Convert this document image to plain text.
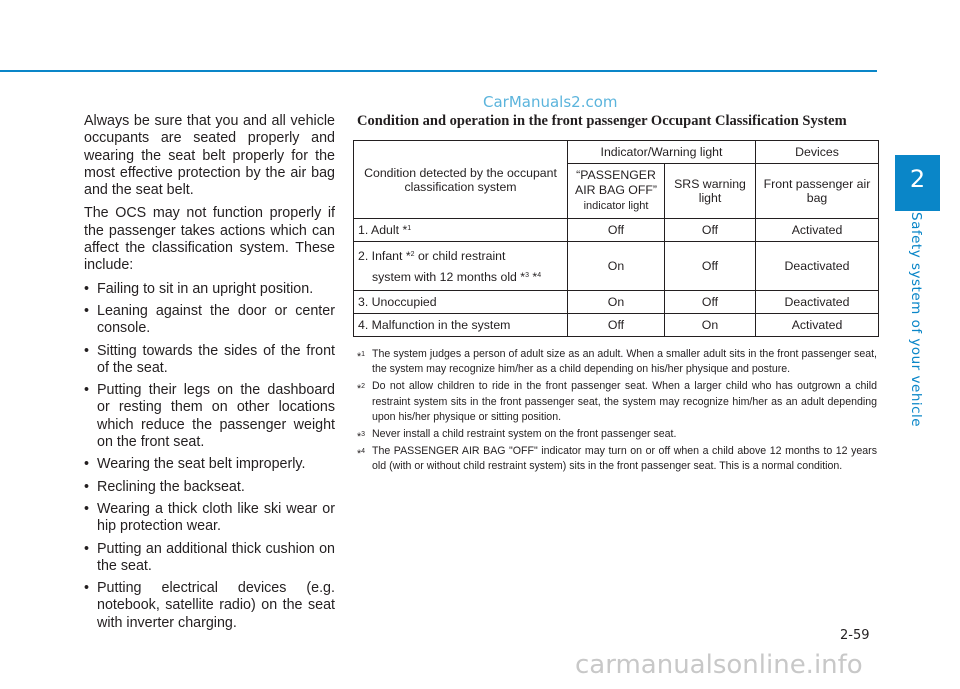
2
Safety system of your vehicle

Always be sure that you and all vehicle occupants are seated properly and wearing the seat belt properly for the most effective protection by the air bag and the seat belt.

The OCS may not function properly if the passenger takes actions which can affect the classification system. These include:

• Failing to sit in an upright position.
• Leaning against the door or center console.
• Sitting towards the sides of the front of the seat.
• Putting their legs on the dashboard or resting them on other locations which reduce the passenger weight on the front seat.
• Wearing the seat belt improperly.
• Reclining the backseat.
• Wearing a thick cloth like ski wear or hip protection wear.
• Putting an additional thick cushion on the seat.
• Putting electrical devices (e.g. notebook, satellite radio) on the seat with inverter charging.
CarManuals2.com
Condition and operation in the front passenger Occupant Classification System
Condition detected by the occupant classification system	Indicator/Warning light		Devices
	“PASSENGER AIR BAG OFF”
indicator light	SRS warning light	Front passenger air bag
1. Adult *$^1$	Off	Off	Activated
2. Infant *$^2$ or child restraint
system with 12 months old *$^3$ *$^4$	On	Off	Deactivated
3. Unoccupied	On	Off	Deactivated
4. Malfunction in the system	Off	On	Activated
*$^1$ The system judges a person of adult size as an adult. When a smaller adult sits in the front passenger seat, the system may recognize him/her as a child depending on his/her physique and posture.
*$^2$ Do not allow children to ride in the front passenger seat. When a larger child who has outgrown a child restraint system sits in the front passenger seat, the system may recognize him/her as an adult depending upon his/her physique or sitting position.
*$^3$ Never install a child restraint system on the front passenger seat.
*$^4$ The PASSENGER AIR BAG "OFF" indicator may turn on or off when a child above 12 months to 12 years old (with or without child restraint system) sits in the front passenger seat. This is a normal condition.
2-59
carmanualsonline.info
